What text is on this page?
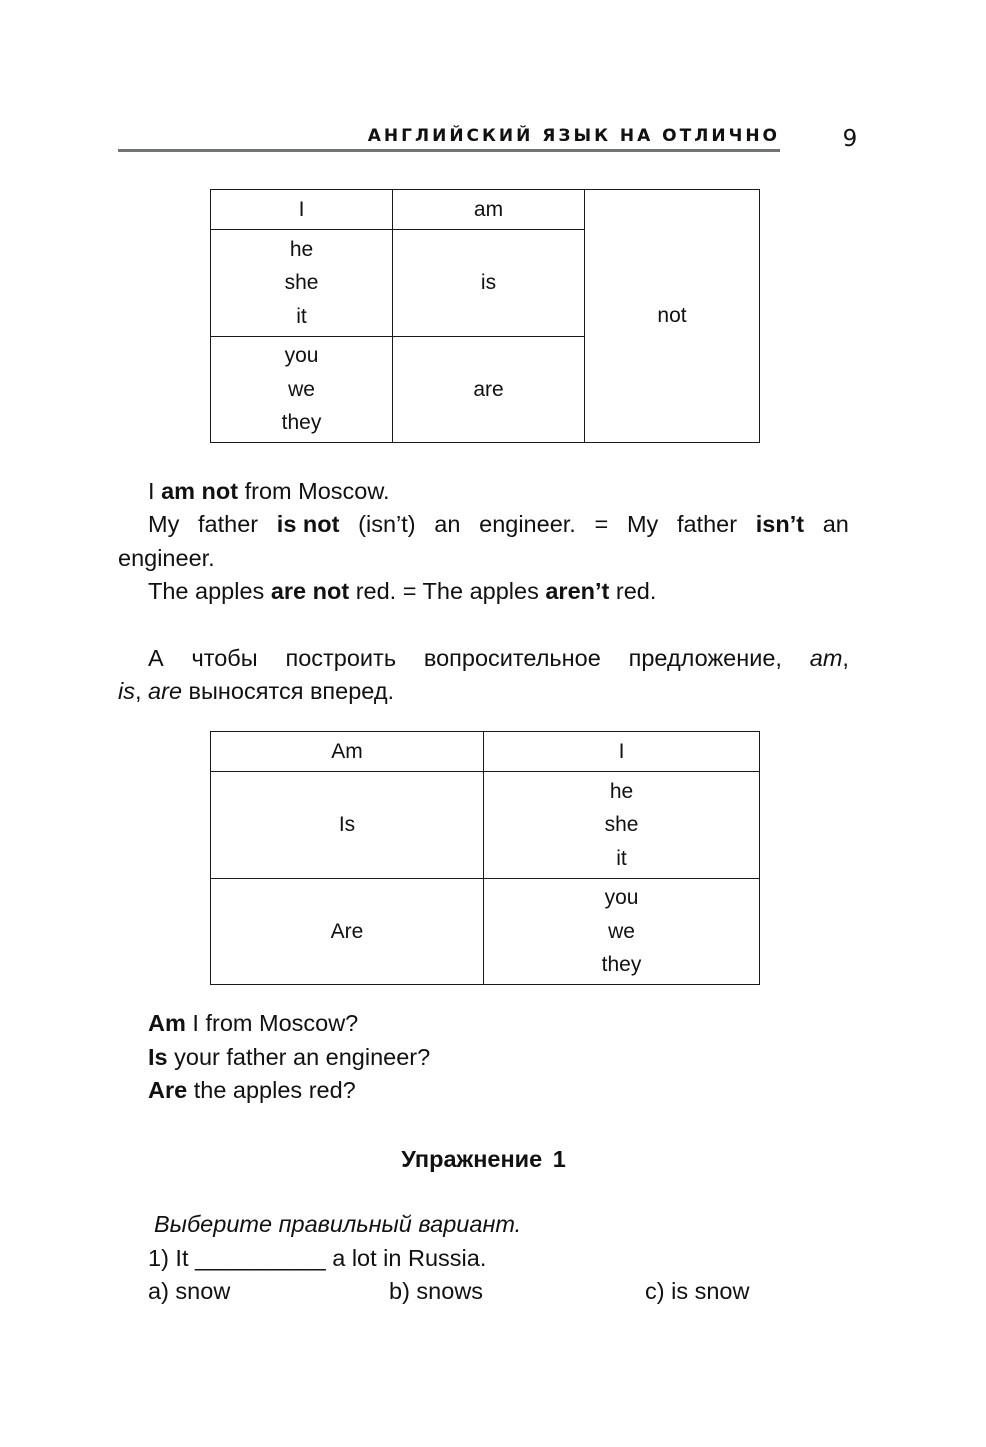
АНГЛИЙСКИЙ ЯЗЫК НА ОТЛИЧНО	9
I	am	not

he
she
it	is	

you
we
they	are	
I am not from Moscow.
My father is not (isn’t) an engineer. = My father isn’t an
engineer.
The apples are not red. = The apples aren’t red.
А чтобы построить вопросительное предложение, am,
is, are выносятся вперед.
Am	I
Is	he
she
it

Are	you
we
they
Am I from Moscow?
Is your father an engineer?
Are the apples red?
Упражнение 1
Выберите правильный вариант.
1) It __________ a lot in Russia.
a) snow	b) snows	c) is snow
